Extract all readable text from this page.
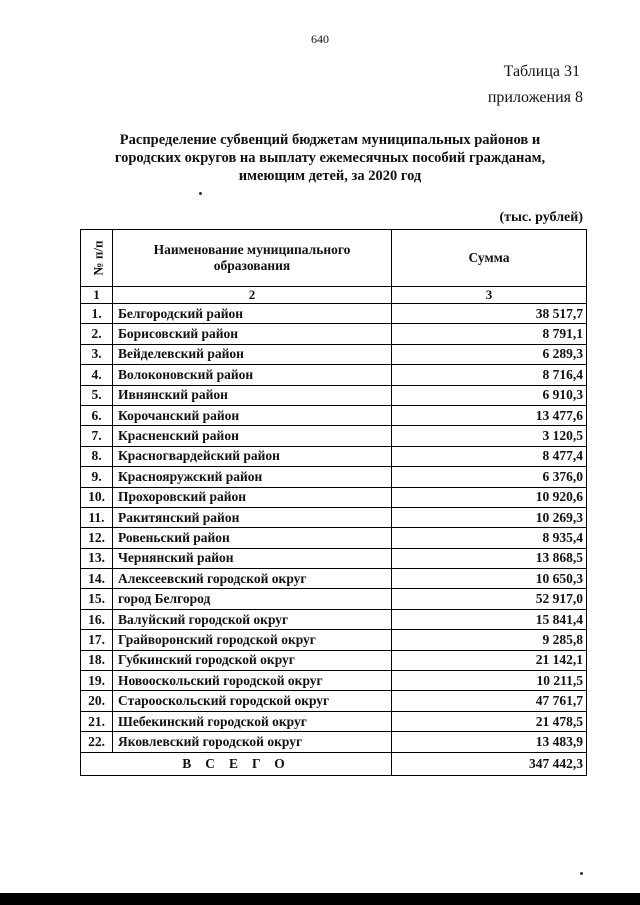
640
Таблица 31
приложения 8
Распределение субвенций бюджетам муниципальных районов и городских округов на выплату ежемесячных пособий гражданам, имеющим детей, за 2020 год
(тыс. рублей)
№ п/п	Наименование муниципального образования	Сумма
1	2	3
1.	Белгородский район	38 517,7
2.	Борисовский район	8 791,1
3.	Вейделевский район	6 289,3
4.	Волоконовский район	8 716,4
5.	Ивнянский район	6 910,3
6.	Корочанский район	13 477,6
7.	Красненский район	3 120,5
8.	Красногвардейский район	8 477,4
9.	Краснояружский район	6 376,0
10.	Прохоровский район	10 920,6
11.	Ракитянский район	10 269,3
12.	Ровеньский район	8 935,4
13.	Чернянский район	13 868,5
14.	Алексеевский городской округ	10 650,3
15.	город Белгород	52 917,0
16.	Валуйский городской округ	15 841,4
17.	Грайворонский городской округ	9 285,8
18.	Губкинский городской округ	21 142,1
19.	Новооскольский городской округ	10 211,5
20.	Старооскольский городской округ	47 761,7
21.	Шебекинский городской округ	21 478,5
22.	Яковлевский городской округ	13 483,9
ВСЕГО		347 442,3
